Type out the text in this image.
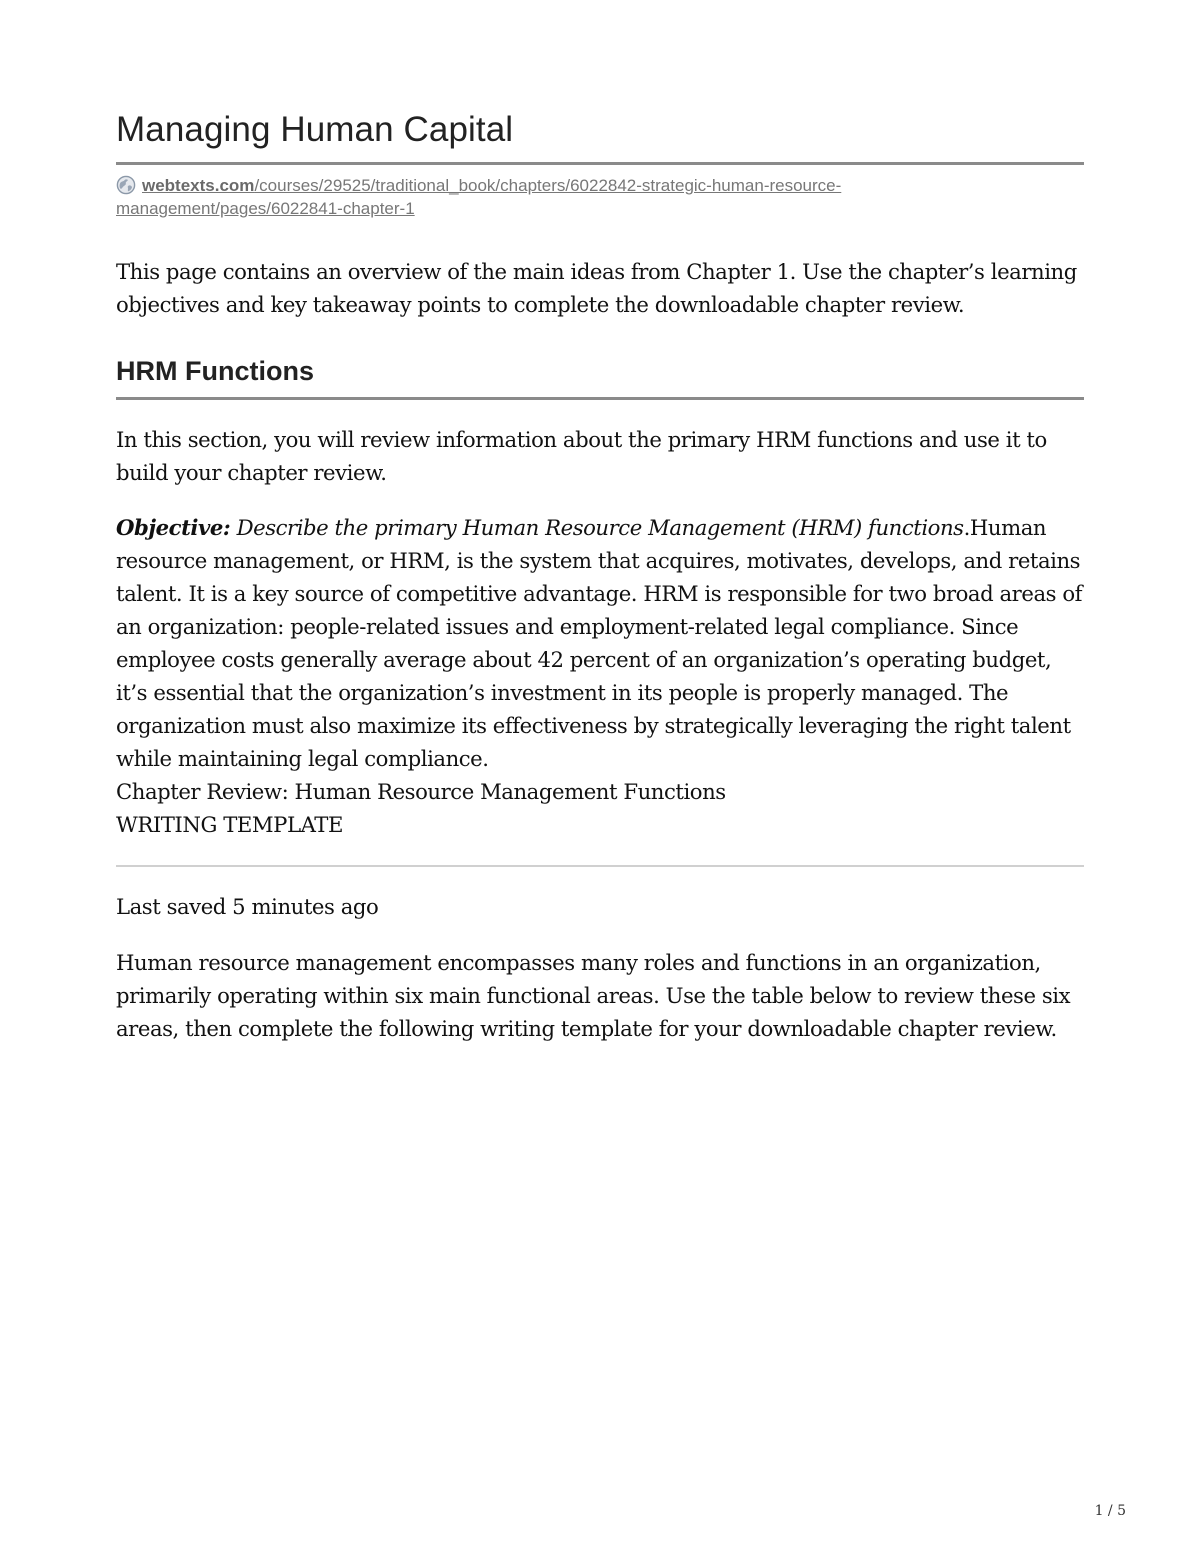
Managing Human Capital
webtexts.com/courses/29525/traditional_book/chapters/6022842-strategic-human-resource-
management/pages/6022841-chapter-1

This page contains an overview of the main ideas from Chapter 1. Use the chapter’s learning objectives and key takeaway points to complete the downloadable chapter review.

HRM Functions

In this section, you will review information about the primary HRM functions and use it to build your chapter review.

Objective: Describe the primary Human Resource Management (HRM) functions.Human resource management, or HRM, is the system that acquires, motivates, develops, and retains talent. It is a key source of competitive advantage. HRM is responsible for two broad areas of an organization: people-related issues and employment-related legal compliance. Since employee costs generally average about 42 percent of an organization’s operating budget, it’s essential that the organization’s investment in its people is properly managed. The organization must also maximize its effectiveness by strategically leveraging the right talent while maintaining legal compliance.

Chapter Review: Human Resource Management Functions

WRITING TEMPLATE

Last saved 5 minutes ago

Human resource management encompasses many roles and functions in an organization, primarily operating within six main functional areas. Use the table below to review these six areas, then complete the following writing template for your downloadable chapter review.

1 / 5
